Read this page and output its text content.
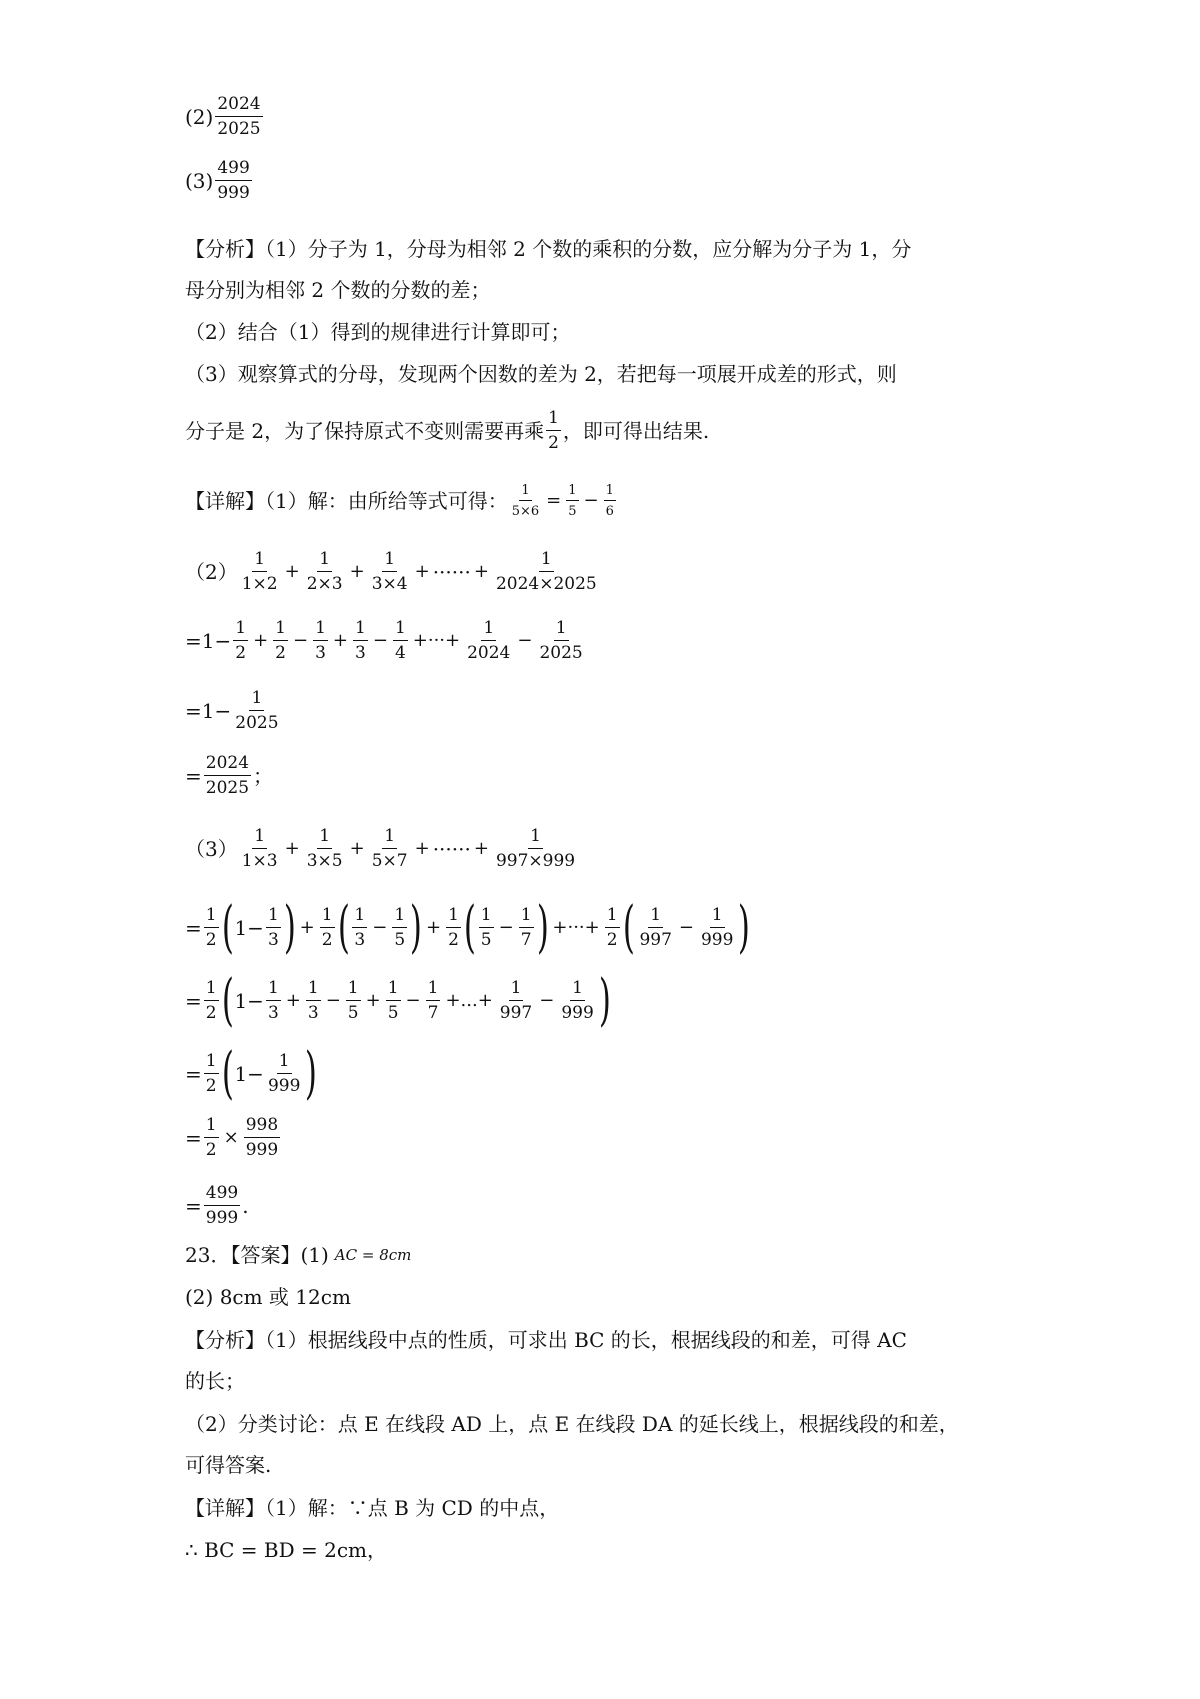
$(2) \frac{2024}{2025}$
$(3) \frac{499}{999}$
【分析】（1）分子为 1，分母为相邻 2 个数的乘积的分数，应分解为分子为 1，分
母分别为相邻 2 个数的分数的差；
（2）结合（1）得到的规律进行计算即可；
（3）观察算式的分母，发现两个因数的差为 2，若把每一项展开成差的形式，则
分子是 2，为了保持原式不变则需要再乘 $\frac{1}{2}$ ，即可得出结果.
【详解】（1）解：由所给等式可得： $\frac{1}{5\times 6} = \frac{1}{5} - \frac{1}{6}$
$(2) \frac{1}{1\times 2} + \frac{1}{2\times 3} + \frac{1}{3\times 4}$ + ······ + $\frac{1}{2024\times 2025}$
$=1- \frac{1}{2} + \frac{1}{2} - \frac{1}{3} + \frac{1}{3} - \frac{1}{4}$ +···+ $\frac{1}{2024} - \frac{1}{2025}$
$=1- \frac{1}{2025}$
= $\frac{2024}{2025}$ ；
$(3) \frac{1}{1\times 3} + \frac{1}{3\times 5} + \frac{1}{5\times 7}$ + ······ + $\frac{1}{997\times 999}$
= $\frac{1}{2}$ ( $1- \frac{1}{3}$ ) + $\frac{1}{2}$ ( $\frac{1}{3} - \frac{1}{5}$ ) + $\frac{1}{2}$ ( $\frac{1}{5} - \frac{1}{7}$ ) +···+ $\frac{1}{2}$ ( $\frac{1}{997} - \frac{1}{999}$ )
= $\frac{1}{2}$ ( $1- \frac{1}{3} + \frac{1}{3} - \frac{1}{5} + \frac{1}{5} - \frac{1}{7}$ +...+ $\frac{1}{997} - \frac{1}{999}$ )
= $\frac{1}{2}$ ( $1- \frac{1}{999}$ )
= $\frac{1}{2} \times \frac{998}{999}$
= $\frac{499}{999}$ .
23．【答案】(1) AC = 8cm
(2) 8cm 或 12cm
【分析】（1）根据线段中点的性质，可求出 BC 的长，根据线段的和差，可得 AC
的长；
（2）分类讨论：点 E 在线段 AD 上，点 E 在线段 DA 的延长线上，根据线段的和差，
可得答案.
【详解】（1）解：∵点 B 为 CD 的中点，
∴ BC = BD = 2cm，
